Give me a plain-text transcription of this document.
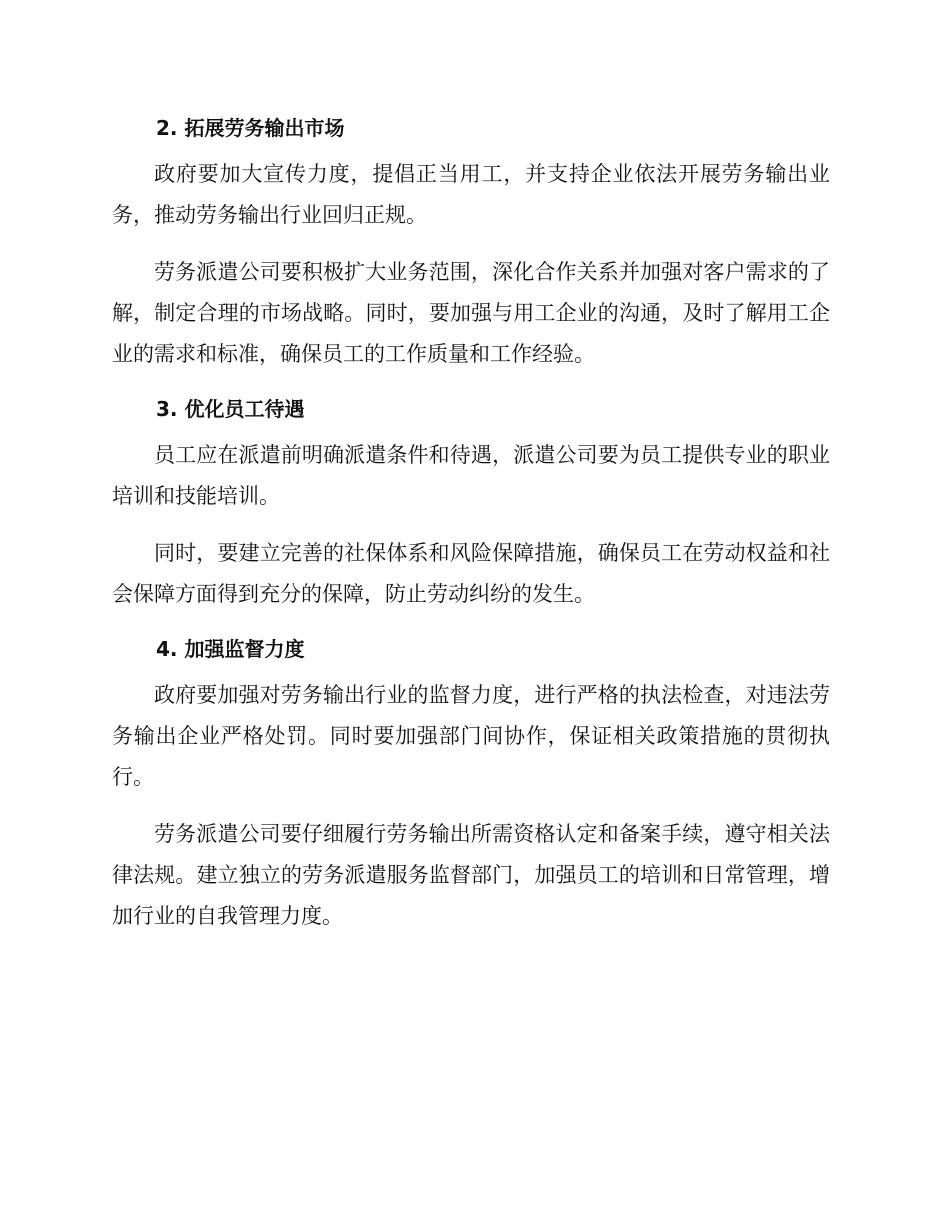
2. 拓展劳务输出市场

政府要加大宣传力度，提倡正当用工，并支持企业依法开展劳务输出业务，推动劳务输出行业回归正规。

劳务派遣公司要积极扩大业务范围，深化合作关系并加强对客户需求的了解，制定合理的市场战略。同时，要加强与用工企业的沟通，及时了解用工企业的需求和标准，确保员工的工作质量和工作经验。

3. 优化员工待遇

员工应在派遣前明确派遣条件和待遇，派遣公司要为员工提供专业的职业培训和技能培训。

同时，要建立完善的社保体系和风险保障措施，确保员工在劳动权益和社会保障方面得到充分的保障，防止劳动纠纷的发生。

4. 加强监督力度

政府要加强对劳务输出行业的监督力度，进行严格的执法检查，对违法劳务输出企业严格处罚。同时要加强部门间协作，保证相关政策措施的贯彻执行。

劳务派遣公司要仔细履行劳务输出所需资格认定和备案手续，遵守相关法律法规。建立独立的劳务派遣服务监督部门，加强员工的培训和日常管理，增加行业的自我管理力度。
